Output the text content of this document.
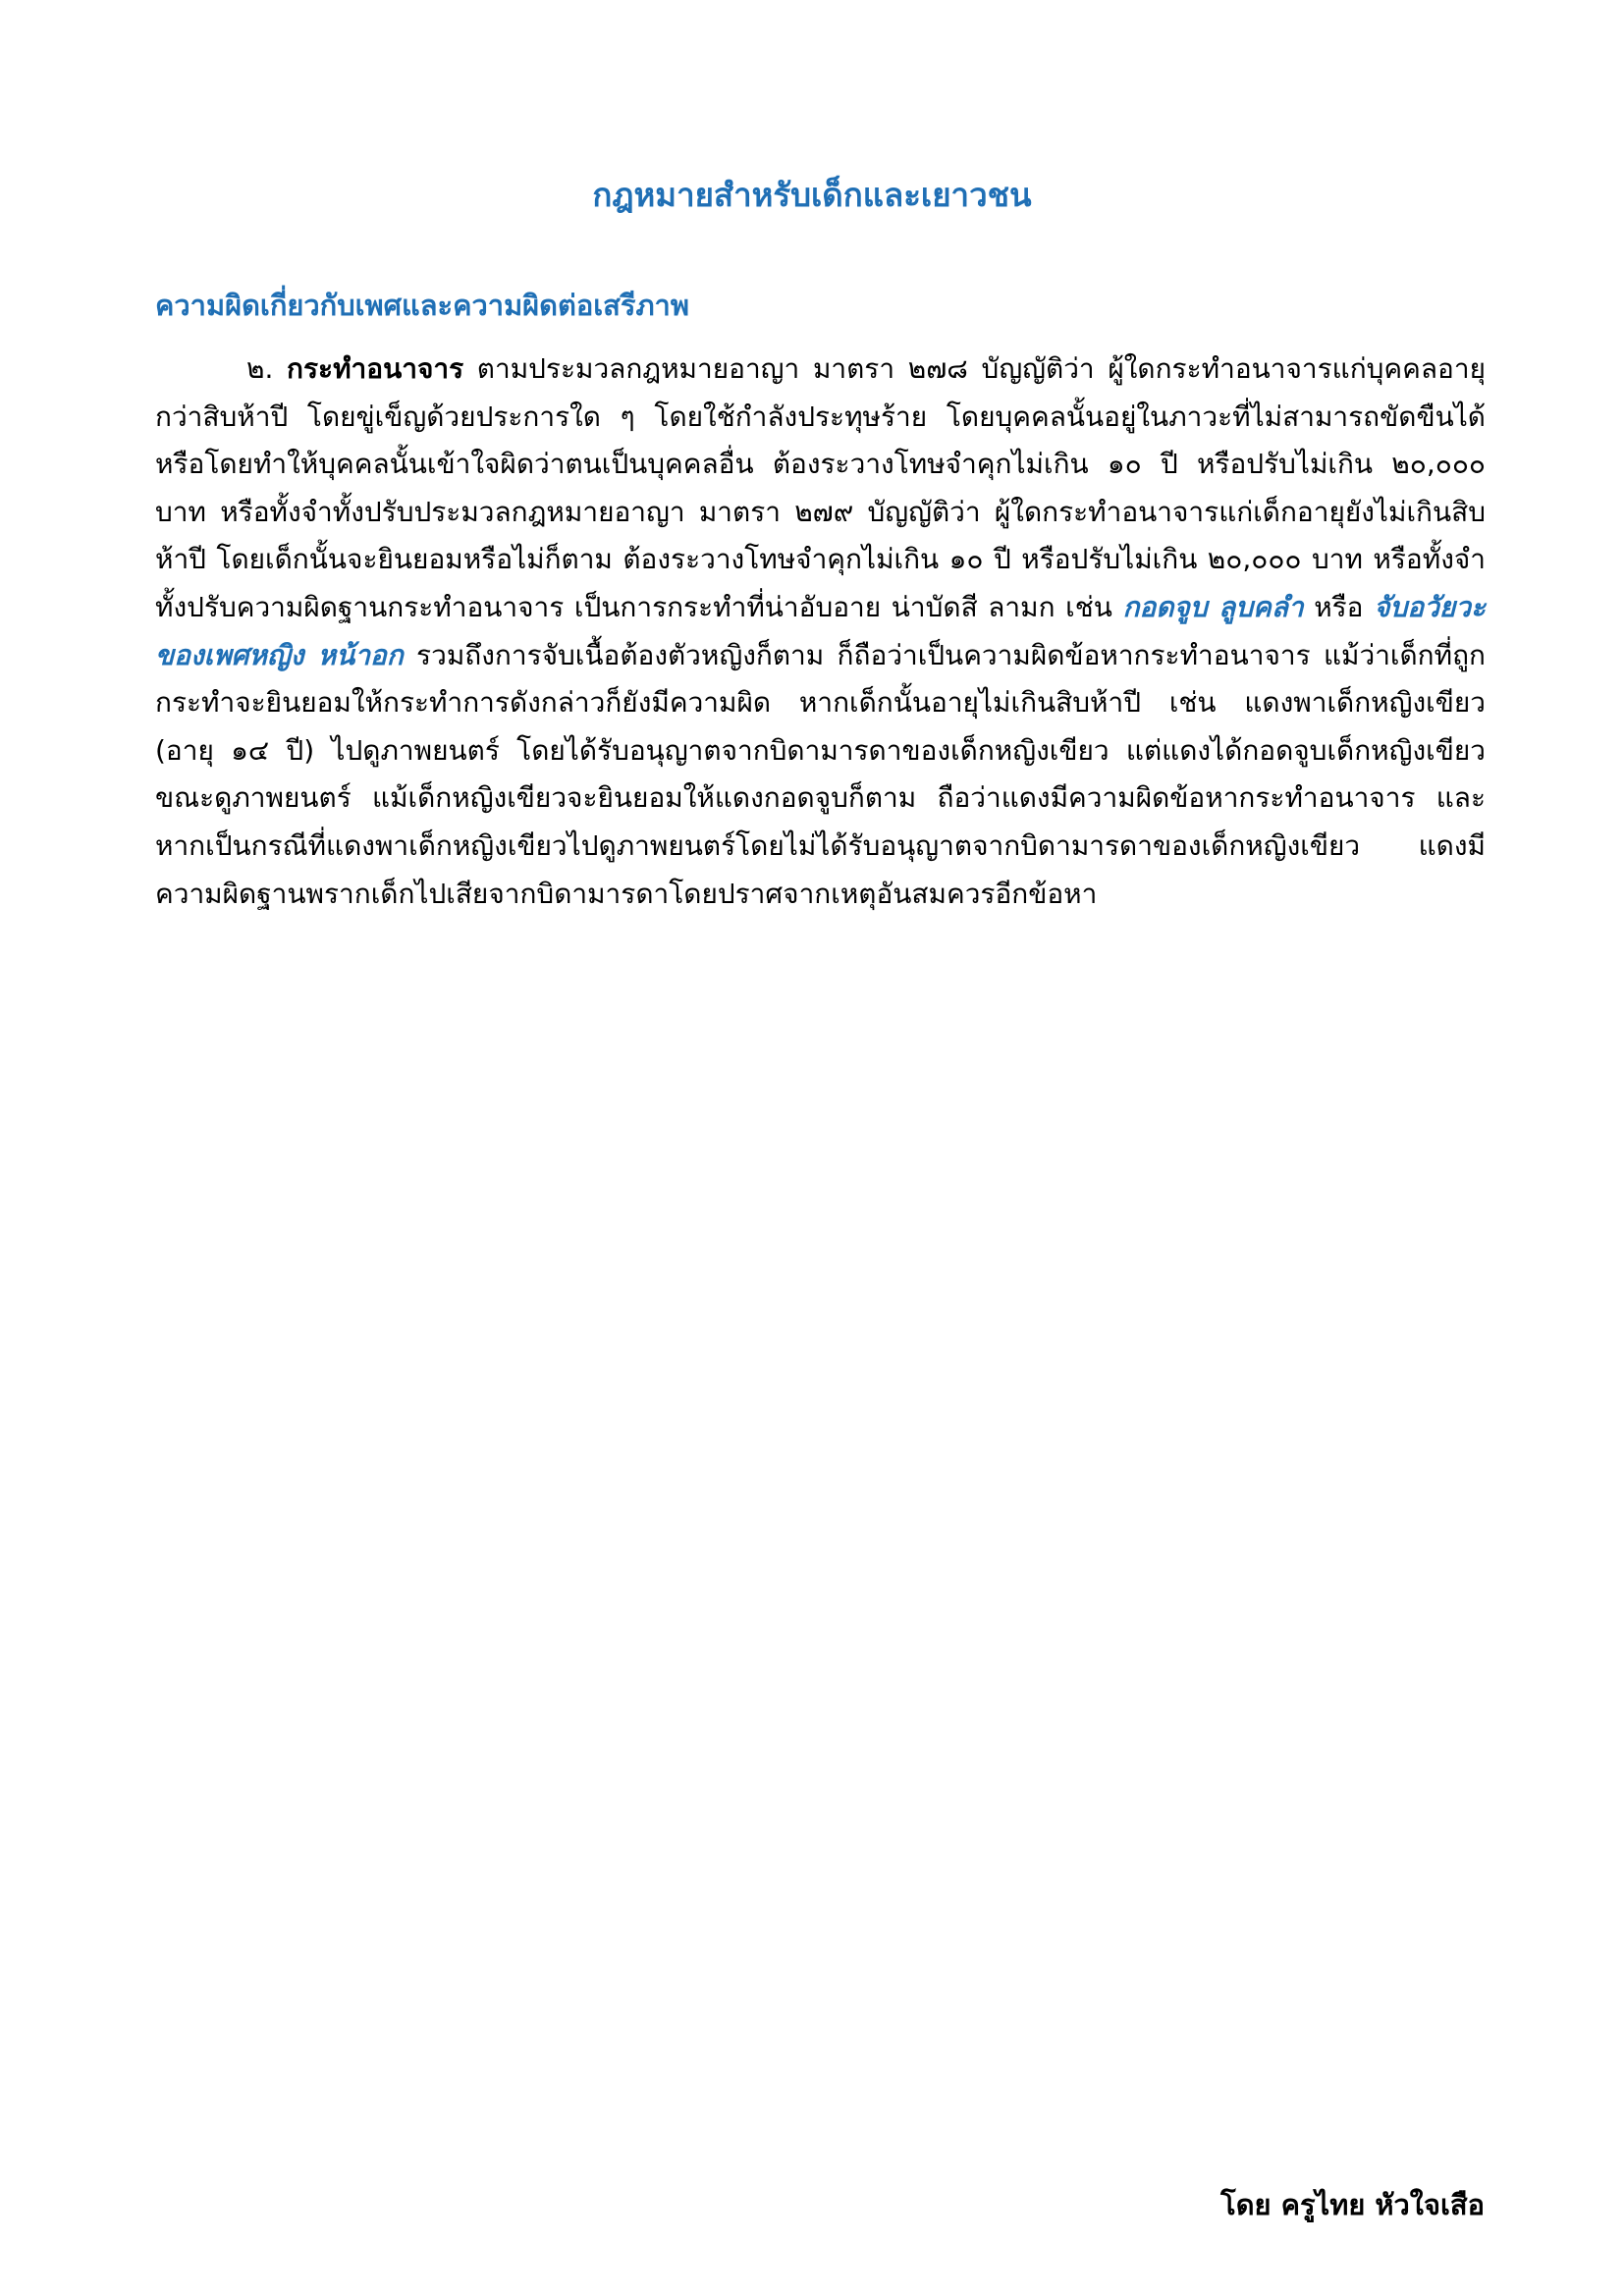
กฎหมายสำหรับเด็กและเยาวชน
ความผิดเกี่ยวกับเพศและความผิดต่อเสรีภาพ

๒. กระทำอนาจาร ตามประมวลกฎหมายอาญา มาตรา ๒๗๘ บัญญัติว่า ผู้ใดกระทำอนาจารแก่บุคคลอายุกว่าสิบห้าปี โดยขู่เข็ญด้วยประการใด ๆ โดยใช้กำลังประทุษร้าย โดยบุคคลนั้นอยู่ในภาวะที่ไม่สามารถขัดขืนได้ หรือโดยทำให้บุคคลนั้นเข้าใจผิดว่าตนเป็นบุคคลอื่น ต้องระวางโทษจำคุกไม่เกิน ๑๐ ปี หรือปรับไม่เกิน ๒๐,๐๐๐ บาท หรือทั้งจำทั้งปรับประมวลกฎหมายอาญา มาตรา ๒๗๙ บัญญัติว่า ผู้ใดกระทำอนาจารแก่เด็กอายุยังไม่เกินสิบห้าปี โดยเด็กนั้นจะยินยอมหรือไม่ก็ตาม ต้องระวางโทษจำคุกไม่เกิน ๑๐ ปี หรือปรับไม่เกิน ๒๐,๐๐๐ บาท หรือทั้งจำทั้งปรับความผิดฐานกระทำอนาจาร เป็นการกระทำที่น่าอับอาย น่าบัดสี ลามก เช่น กอดจูบ ลูบคลำ หรือ จับอวัยวะของเพศหญิง หน้าอก รวมถึงการจับเนื้อต้องตัวหญิงก็ตาม ก็ถือว่าเป็นความผิดข้อหากระทำอนาจาร แม้ว่าเด็กที่ถูกกระทำจะยินยอมให้กระทำการดังกล่าวก็ยังมีความผิด หากเด็กนั้นอายุไม่เกินสิบห้าปี เช่น แดงพาเด็กหญิงเขียว (อายุ ๑๔ ปี) ไปดูภาพยนตร์ โดยได้รับอนุญาตจากบิดามารดาของเด็กหญิงเขียว แต่แดงได้กอดจูบเด็กหญิงเขียวขณะดูภาพยนตร์ แม้เด็กหญิงเขียวจะยินยอมให้แดงกอดจูบก็ตาม ถือว่าแดงมีความผิดข้อหากระทำอนาจาร และหากเป็นกรณีที่แดงพาเด็กหญิงเขียวไปดูภาพยนตร์โดยไม่ได้รับอนุญาตจากบิดามารดาของเด็กหญิงเขียว แดงมีความผิดฐานพรากเด็กไปเสียจากบิดามารดาโดยปราศจากเหตุอันสมควรอีกข้อหา

โดย ครูไทย หัวใจเสือ
